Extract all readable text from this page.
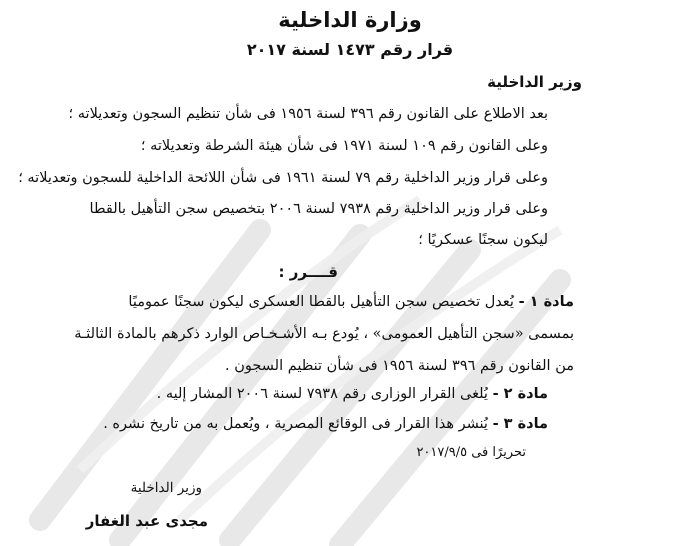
وزارة الداخلية
قرار رقم ١٤٧٣ لسنة ٢٠١٧
وزير الداخلية
بعد الاطلاع على القانون رقم ٣٩٦ لسنة ١٩٥٦ فى شأن تنظيم السجون وتعديلاته ؛
وعلى القانون رقم ١٠٩ لسنة ١٩٧١ فى شأن هيئة الشرطة وتعديلاته ؛
وعلى قرار وزير الداخلية رقم ٧٩ لسنة ١٩٦١ فى شأن اللائحة الداخلية للسجون وتعديلاته ؛
وعلى قرار وزير الداخلية رقم ٧٩٣٨ لسنة ٢٠٠٦ بتخصيص سجن التأهيل بالقطا
ليكون سجنًا عسكريًا ؛
قــــرر :
مادة ١ - يُعدل تخصيص سجن التأهيل بالقطا العسكرى ليكون سجنًا عموميًا
بمسمى «سجن التأهيل العمومى» ، يُودع بـه الأشـخـاص الوارد ذكرهم بالمادة الثالثـة
من القانون رقم ٣٩٦ لسنة ١٩٥٦ فى شأن تنظيم السجون .
مادة ٢ - يُلغى القرار الوزارى رقم ٧٩٣٨ لسنة ٢٠٠٦ المشار إليه .
مادة ٣ - يُنشر هذا القرار فى الوقائع المصرية ، ويُعمل به من تاريخ نشره .
تحريرًا فى ٢٠١٧/٩/٥
وزير الداخلية
مجدى عبد الغفار
